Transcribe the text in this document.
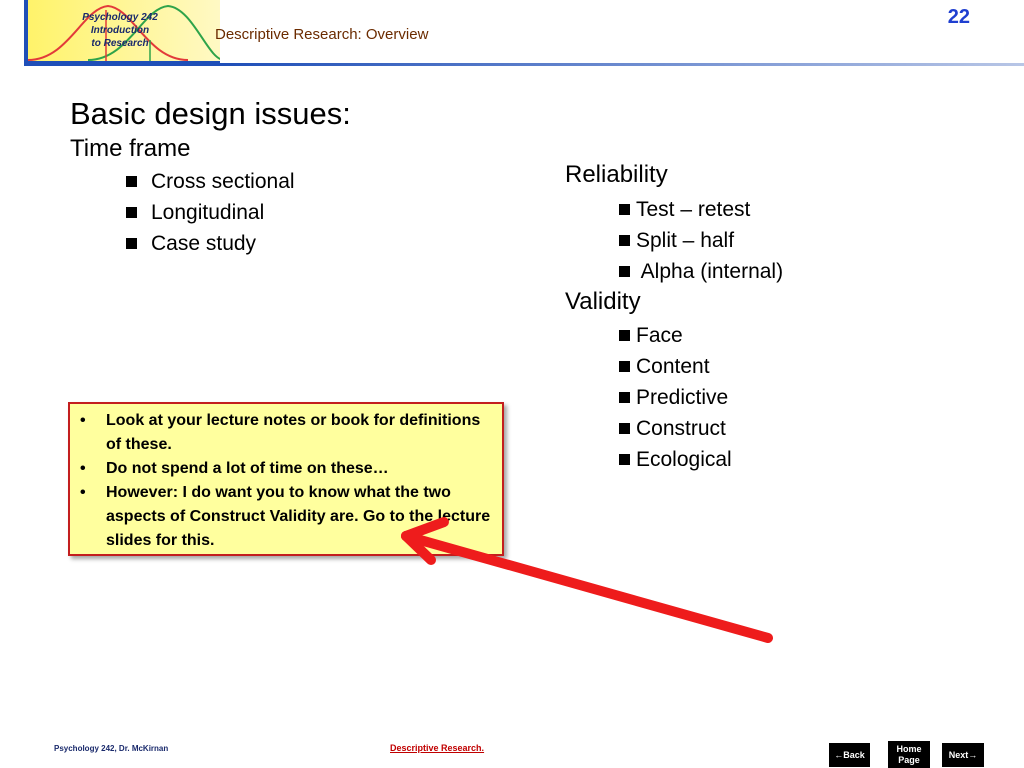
Psychology 242
Introduction
to Research
Descriptive Research: Overview
22
Basic design issues:
Time frame
Cross sectional
Longitudinal
Case study
Reliability
Test – retest
Split – half
Alpha (internal)
Validity
Face
Content
Predictive
Construct
Ecological
• Look at your lecture notes or book for definitions of these.
• Do not spend a lot of time on these…
• However: I do want you to know what the two aspects of Construct Validity are. Go to the lecture slides for this.
Psychology 242, Dr. McKirnan	Descriptive Research.
←Back
Home
Page	Next→
